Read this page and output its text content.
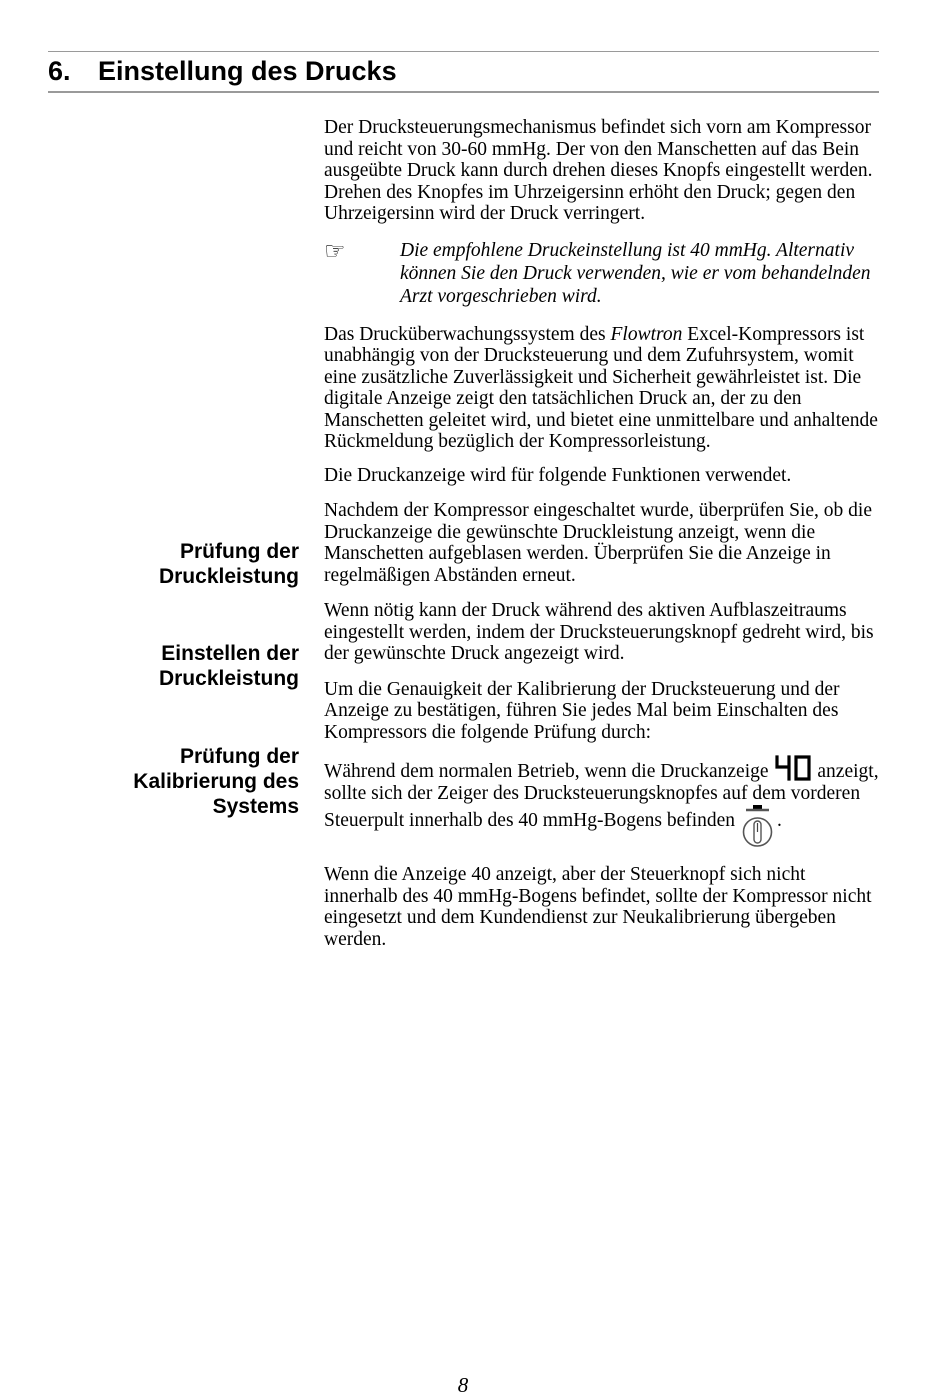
6. Einstellung des Drucks
Prüfung der
Druckleistung
Einstellen der
Druckleistung
Prüfung der
Kalibrierung des
Systems

Der Drucksteuerungsmechanismus befindet sich vorn am Kompressor und reicht von 30-60 mmHg. Der von den Manschetten auf das Bein ausgeübte Druck kann durch drehen dieses Knopfs eingestellt werden. Drehen des Knopfes im Uhrzeigersinn erhöht den Druck; gegen den Uhrzeigersinn wird der Druck verringert.

☞	Die empfohlene Druckeinstellung ist 40 mmHg. Alternativ können Sie den Druck verwenden, wie er vom behandelnden Arzt vorgeschrieben wird.

Das Drucküberwachungssystem des Flowtron Excel-Kompressors ist unabhängig von der Drucksteuerung und dem Zufuhrsystem, womit eine zusätzliche Zuverlässigkeit und Sicherheit gewährleistet ist. Die digitale Anzeige zeigt den tatsächlichen Druck an, der zu den Manschetten geleitet wird, und bietet eine unmittelbare und anhaltende Rückmeldung bezüglich der Kompressorleistung.

Die Druckanzeige wird für folgende Funktionen verwendet.

Nachdem der Kompressor eingeschaltet wurde, überprüfen Sie, ob die Druckanzeige die gewünschte Druckleistung anzeigt, wenn die Manschetten aufgeblasen werden. Überprüfen Sie die Anzeige in regelmäßigen Abständen erneut.

Wenn nötig kann der Druck während des aktiven Aufblaszeitraums eingestellt werden, indem der Drucksteuerungsknopf gedreht wird, bis der gewünschte Druck angezeigt wird.

Um die Genauigkeit der Kalibrierung der Drucksteuerung und der Anzeige zu bestätigen, führen Sie jedes Mal beim Einschalten des Kompressors die folgende Prüfung durch:

Während dem normalen Betrieb, wenn die Druckanzeige anzeigt, sollte sich der Zeiger des Drucksteuerungsknopfes auf dem vorderen Steuerpult innerhalb des 40 mmHg-Bogens befinden .

Wenn die Anzeige 40 anzeigt, aber der Steuerknopf sich nicht innerhalb des 40 mmHg-Bogens befindet, sollte der Kompressor nicht eingesetzt und dem Kundendienst zur Neukalibrierung übergeben werden.

8
